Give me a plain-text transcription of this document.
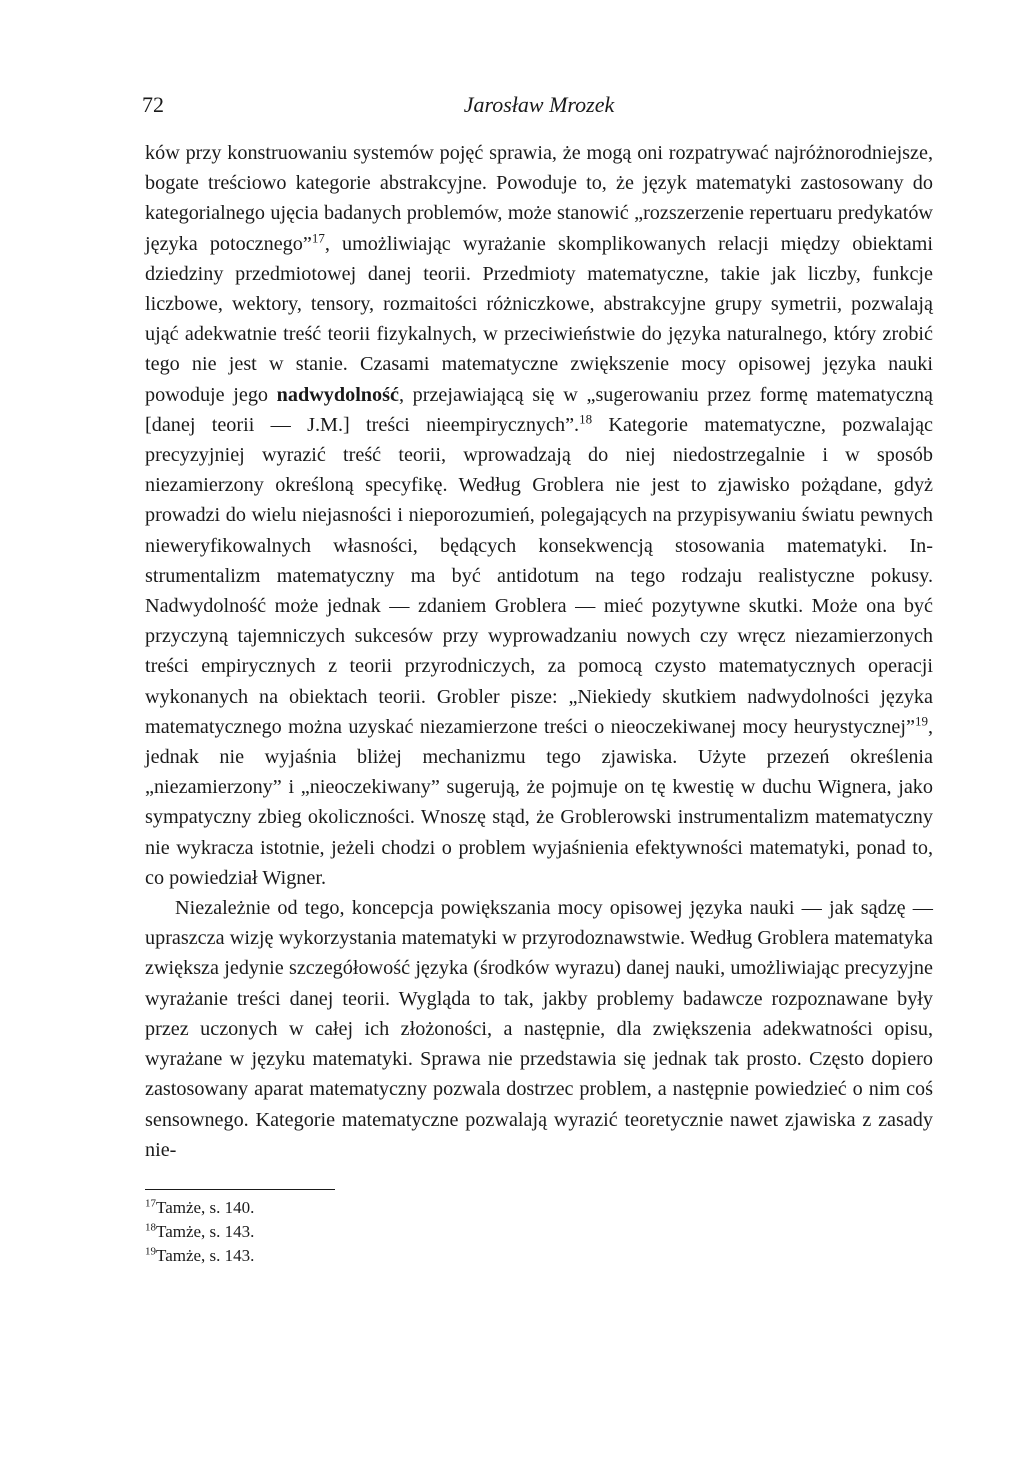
72	Jarosław Mrozek

ków przy konstruowaniu systemów pojęć sprawia, że mogą oni rozpatrywać najróżnorodniejsze, bogate treściowo kategorie abstrakcyjne. Powoduje to, że język matematyki zastosowany do kategorialnego ujęcia badanych problemów, może stanowić „rozszerzenie repertuaru predykatów języka potocznego”$^{17}$, umożliwiając wyrażanie skomplikowanych relacji między obiektami dziedziny przedmiotowej danej teorii. Przedmioty matematyczne, takie jak liczby, funkcje liczbowe, wektory, tensory, rozmaitości różniczkowe, abstrakcyjne grupy symetrii, pozwalają ująć adekwatnie treść teorii fizykalnych, w przeciwieństwie do języka naturalnego, który zrobić tego nie jest w stanie. Czasami matematyczne zwiększenie mocy opisowej języka nauki powoduje jego nadwydolność, przejawiającą się w „sugerowaniu przez formę matematyczną [danej teorii — J.M.] treści nieempirycznych”.$^{18}$ Kategorie matematyczne, pozwalając precyzyjniej wyrazić treść teorii, wprowadzają do niej niedostrzegalnie i w sposób niezamierzony określoną specyfikę. Według Groblera nie jest to zjawisko pożądane, gdyż prowadzi do wielu niejasności i nieporozumień, polegających na przypisywaniu światu pewnych nieweryfikowalnych własności, będących konsekwencją stosowania matematyki. Instrumentalizm matematyczny ma być antidotum na tego rodzaju realistyczne pokusy. Nadwydolność może jednak — zdaniem Groblera — mieć pozytywne skutki. Może ona być przyczyną tajemniczych sukcesów przy wyprowadzaniu nowych czy wręcz niezamierzonych treści empirycznych z teorii przyrodniczych, za pomocą czysto matematycznych operacji wykonanych na obiektach teorii. Grobler pisze: „Niekiedy skutkiem nadwydolności języka matematycznego można uzyskać niezamierzone treści o nieoczekiwanej mocy heurystycznej”$^{19}$, jednak nie wyjaśnia bliżej mechanizmu tego zjawiska. Użyte przezeń określenia „niezamierzony” i „nieoczekiwany” sugerują, że pojmuje on tę kwestię w duchu Wignera, jako sympatyczny zbieg okoliczności. Wnoszę stąd, że Groblerowski instrumentalizm matematyczny nie wykracza istotnie, jeżeli chodzi o problem wyjaśnienia efektywności matematyki, ponad to, co powiedział Wigner.

Niezależnie od tego, koncepcja powiększania mocy opisowej języka nauki — jak sądzę — upraszcza wizję wykorzystania matematyki w przyrodoznawstwie. Według Groblera matematyka zwiększa jedynie szczegółowość języka (środków wyrazu) danej nauki, umożliwiając precyzyjne wyrażanie treści danej teorii. Wygląda to tak, jakby problemy badawcze rozpoznawane były przez uczonych w całej ich złożoności, a następnie, dla zwiększenia adekwatności opisu, wyrażane w języku matematyki. Sprawa nie przedstawia się jednak tak prosto. Często dopiero zastosowany aparat matematyczny pozwala dostrzec problem, a następnie powiedzieć o nim coś sensownego. Kategorie matematyczne pozwalają wyrazić teoretycznie nawet zjawiska z zasady nie-

$^{17}$Tamże, s. 140.
$^{18}$Tamże, s. 143.
$^{19}$Tamże, s. 143.
